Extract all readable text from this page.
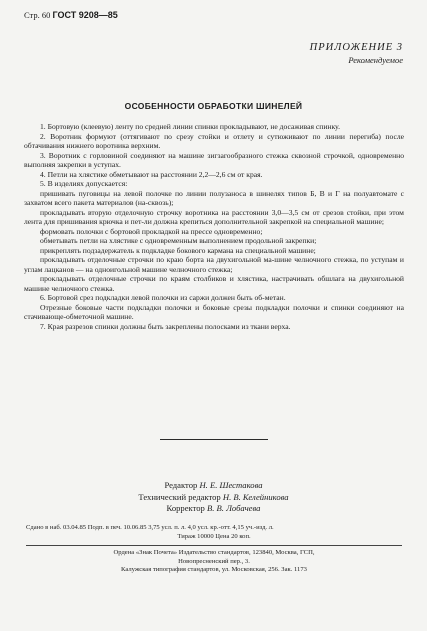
Стр. 60 ГОСТ 9208—85
ПРИЛОЖЕНИЕ 3
Рекомендуемое
ОСОБЕННОСТИ ОБРАБОТКИ ШИНЕЛЕЙ

1. Бортовую (клеевую) ленту по средней линии спинки прокладывают, не досаживая спинку.

2. Воротник формуют (оттягивают по срезу стойки и отлету и сутюживают по линии перегиба) после обтачивания нижнего воротника верхним.

3. Воротник с горловиной соединяют на машине зигзагообразного стежка сквозной строчкой, одновременно выполняя закрепки в уступах.

4. Петли на хлястике обметывают на расстоянии 2,2—2,6 см от края.

5. В изделиях допускается:

пришивать пуговицы на левой полочке по линии полузаноса в шинелях типов Б, В и Г на полуавтомате с захватом всего пакета материалов (на-сквозь);

прокладывать вторую отделочную строчку воротника на расстоянии 3,0—3,5 см от срезов стойки, при этом лента для пришивания крючка и пет-ли должна крепиться дополнительной закрепкой на специальной машине;

формовать полочки с бортовой прокладкой на прессе одновременно;

обметывать петли на хлястике с одновременным выполнением продольной закрепки;

прикреплять подзадержатель к подкладке бокового кармана на специальной машине;

прокладывать отделочные строчки по краю борта на двухигольной ма-шине челночного стежка, по уступам и углам лацканов — на одноигольной машине челночного стежка;

прокладывать отделочные строчки по краям столбиков и хлястика, настрачивать обшлага на двухигольной машине челночного стежка.

6. Бортовой срез подкладки левой полочки из саржи должен быть об-метан.

Отрезные боковые части подкладки полочки и боковые срезы подкладки полочки и спинки соединяют на стачивающе-обметочной машине.

7. Края разрезов спинки должны быть закреплены полосками из ткани верха.

Редактор Н. Е. Шестакова
Технический редактор Н. В. Келейникова
Корректор В. В. Лобачева
Сдано в наб. 03.04.85 Подп. в печ. 10.06.85 3,75 усл. п. л. 4,0 усл. кр.-отт. 4,15 уч.-изд. л.
Тираж 10000 Цена 20 коп.
Ордена «Знак Почета» Издательство стандартов, 123840, Москва, ГСП,
Новопресненский пер., 3.
Калужская типография стандартов, ул. Московская, 256. Зак. 1173
